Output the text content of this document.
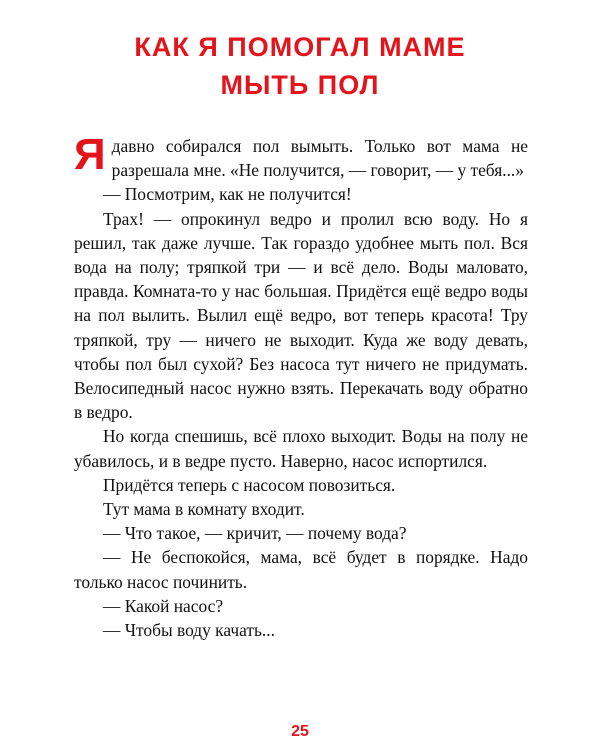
КАК Я ПОМОГАЛ МАМЕ
МЫТЬ ПОЛ

Ядавно собирался пол вымыть. Только вот мама не разрешала мне. «Не получится, — говорит, — у тебя...»

— Посмотрим, как не получится!

Трах! — опрокинул ведро и пролил всю воду. Но я решил, так даже лучше. Так гораздо удобнее мыть пол. Вся вода на полу; тряпкой три — и всё дело. Воды маловато, правда. Комната-то у нас большая. Придётся ещё ведро воды на пол вылить. Вылил ещё ведро, вот теперь красота! Тру тряпкой, тру — ничего не выходит. Куда же воду девать, чтобы пол был сухой? Без насоса тут ничего не придумать. Велосипедный насос нужно взять. Перекачать воду обратно в ведро.

Но когда спешишь, всё плохо выходит. Воды на полу не убавилось, и в ведре пусто. Наверно, насос испортился.

Придётся теперь с насосом повозиться.

Тут мама в комнату входит.

— Что такое, — кричит, — почему вода?

— Не беспокойся, мама, всё будет в порядке. Надо только насос починить.

— Какой насос?

— Чтобы воду качать...

25
